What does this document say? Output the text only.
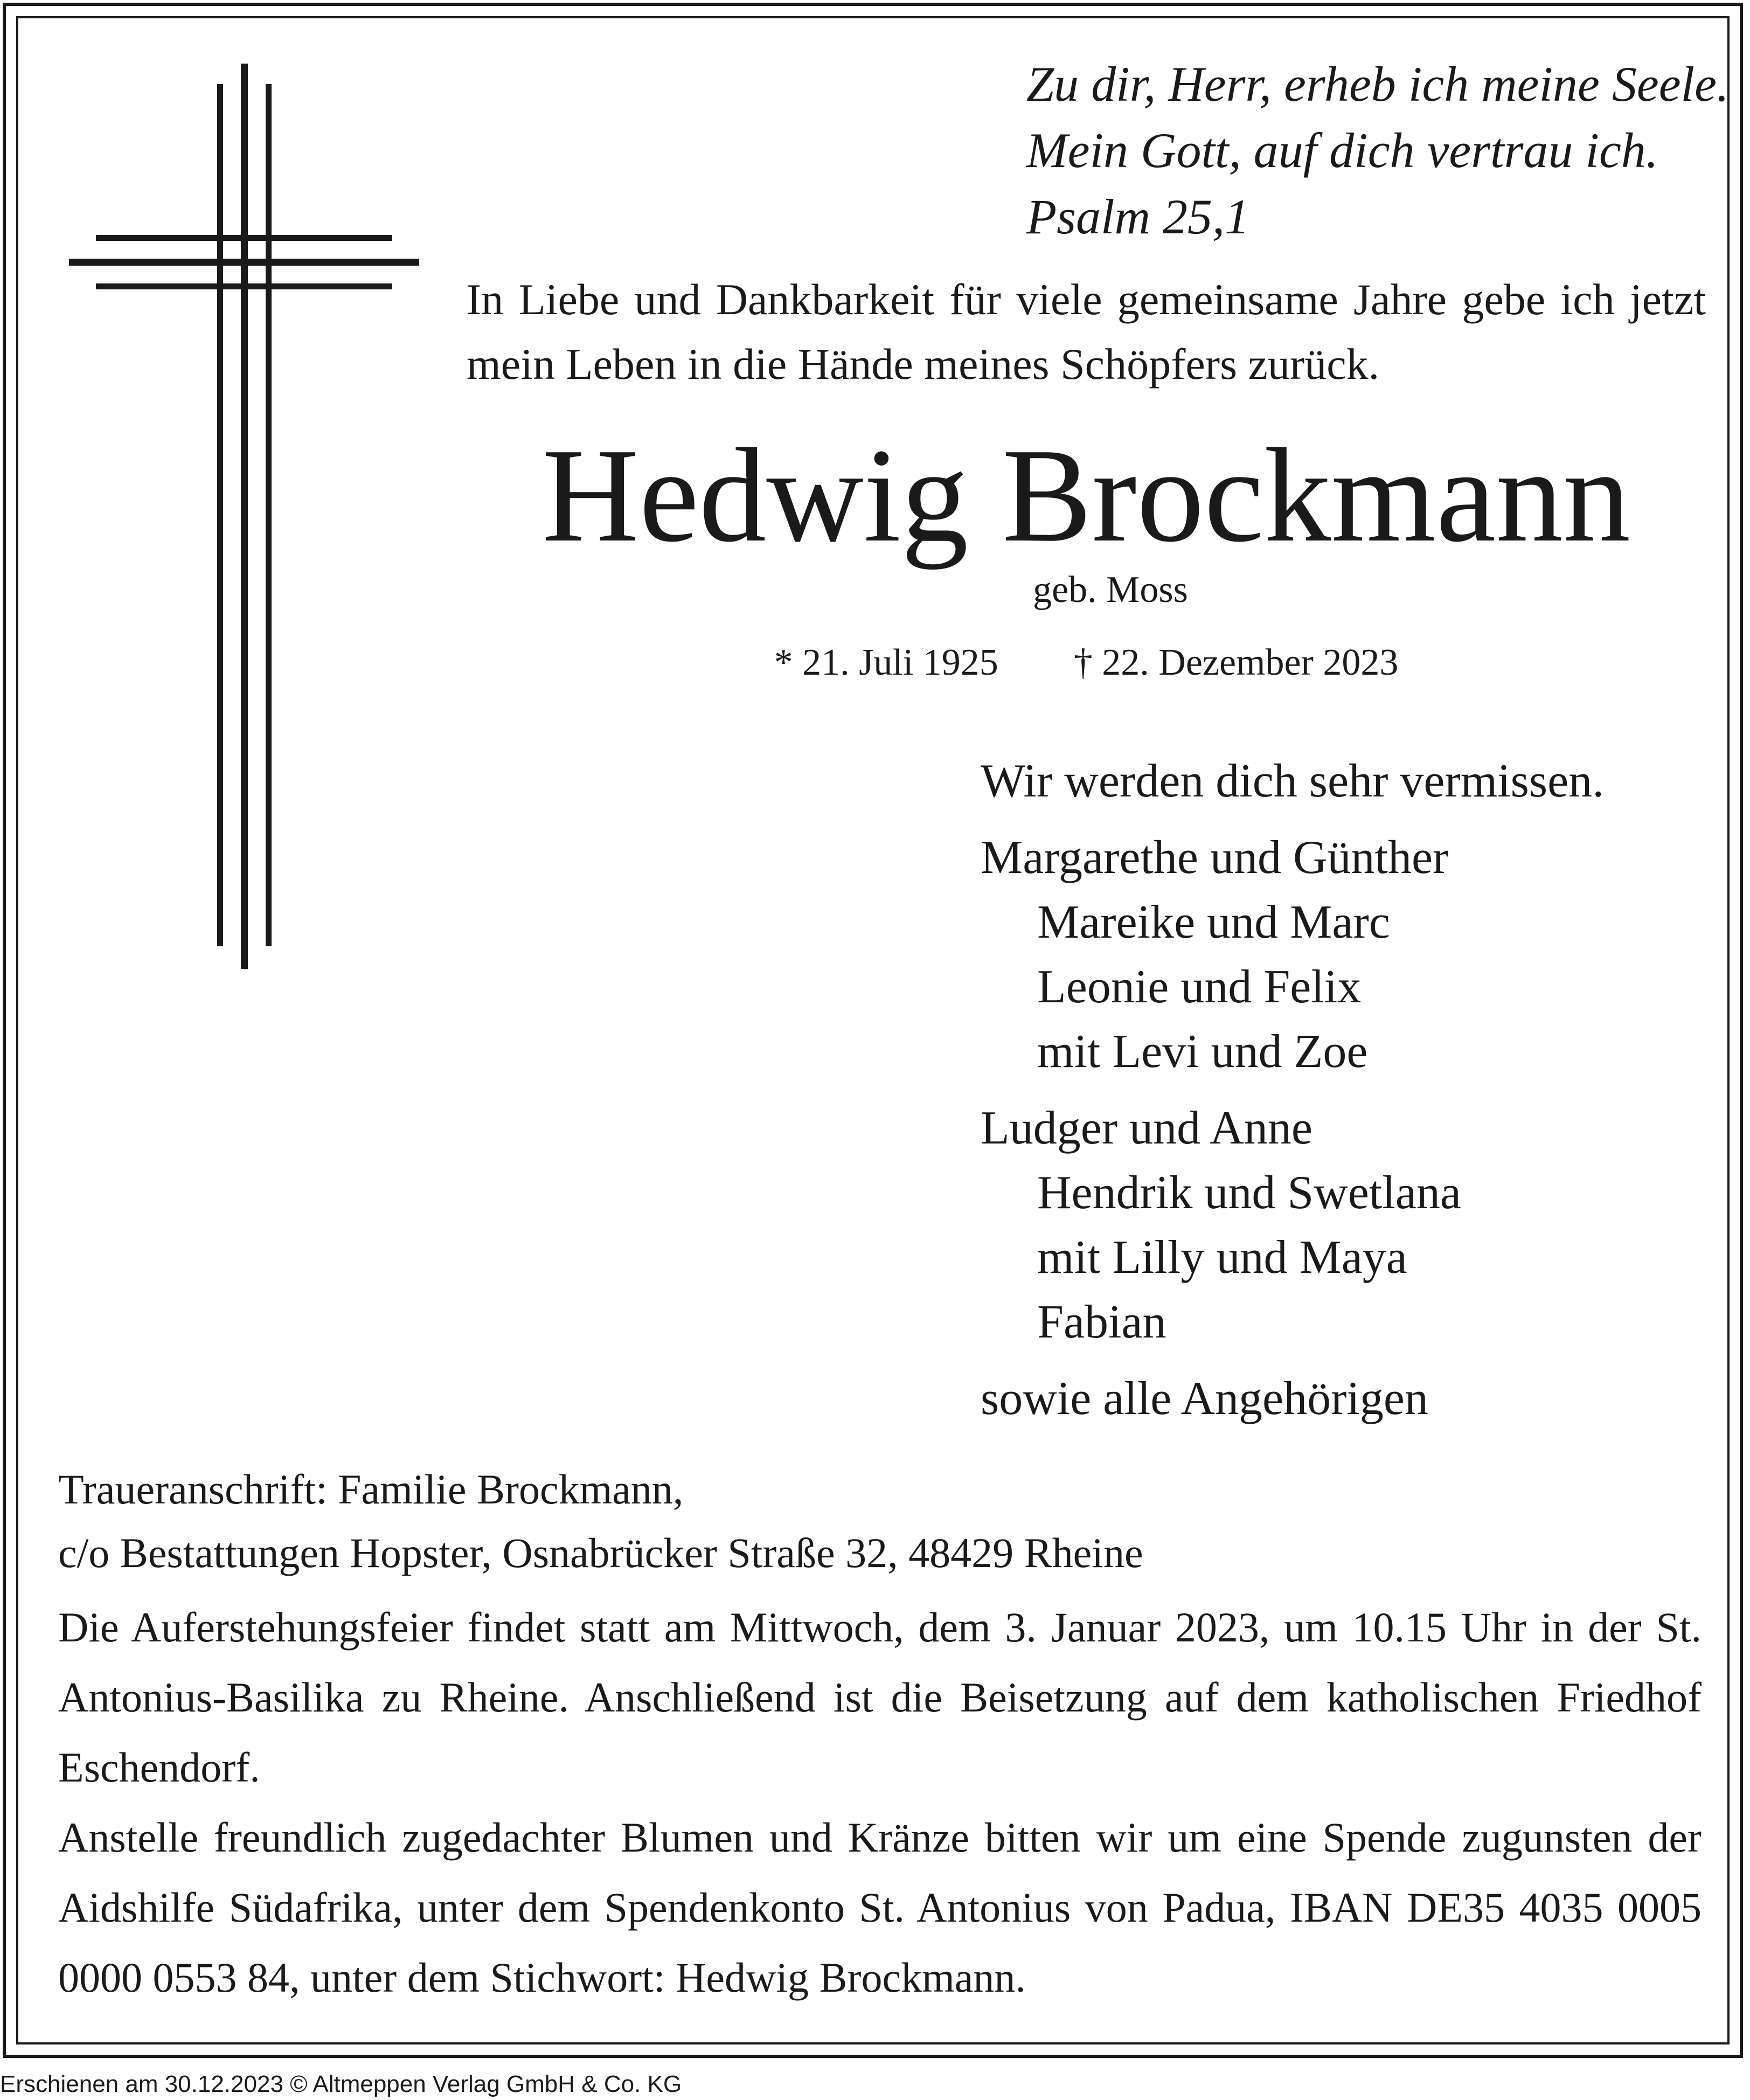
Zu dir, Herr, erheb ich meine Seele.
Mein Gott, auf dich vertrau ich.
Psalm 25,1
In Liebe und Dankbarkeit für viele gemeinsame Jahre gebe ich jetzt mein Leben in die Hände meines Schöpfers zurück.
Hedwig Brockmann
geb. Moss
* 21. Juli 1925 † 22. Dezember 2023
Wir werden dich sehr vermissen.
Margarethe und Günther
Mareike und Marc
Leonie und Felix
mit Levi und Zoe
Ludger und Anne
Hendrik und Swetlana
mit Lilly und Maya
Fabian
sowie alle Angehörigen
Traueranschrift: Familie Brockmann,
c/o Bestattungen Hopster, Osnabrücker Straße 32, 48429 Rheine

Die Auferstehungsfeier findet statt am Mittwoch, dem 3. Januar 2023, um 10.15 Uhr in der St. Antonius-Basilika zu Rheine. Anschließend ist die Beisetzung auf dem katholischen Friedhof Eschendorf.

Anstelle freundlich zugedachter Blumen und Kränze bitten wir um eine Spende zugunsten der Aidshilfe Südafrika, unter dem Spendenkonto St. Antonius von Padua, IBAN DE35 4035 0005 0000 0553 84, unter dem Stichwort: Hedwig Brockmann.

Erschienen am 30.12.2023 © Altmeppen Verlag GmbH & Co. KG
